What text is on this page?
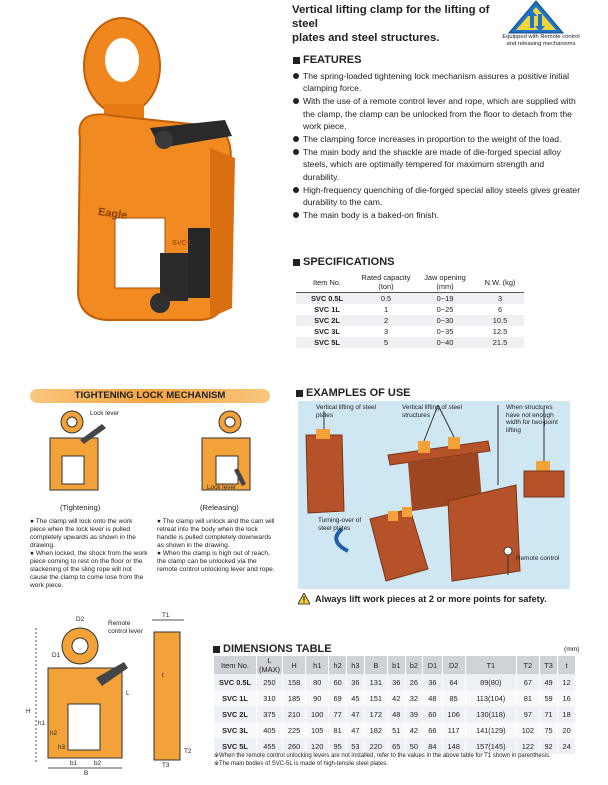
Eagle
SVC-L
Vertical lifting clamp for the lifting of steel
plates and steel structures.	Equipped with Remote control
and releasing mechanisms
FEATURES
The spring-loaded tightening lock mechanism assures a positive initial clamping force.
With the use of a remote control lever and rope, which are supplied with the clamp, the clamp can be unlocked from the floor to detach from the work piece.
The clamping force increases in proportion to the weight of the load.
The main body and the shackle are made of die-forged special alloy steels, which are optimally tempered for maximum strength and durability.
High-frequency quenching of die-forged special alloy steels gives greater durability to the cam.
The main body is a baked-on finish.
SPECIFICATIONS
Item No.	Rated capacity (ton)	Jaw opening (mm)	N.W. (kg)
SVC 0.5L	0.5	0~19	3
SVC 1L	1	0~25	6
SVC 2L	2	0~30	10.5
SVC 3L	3	0~35	12.5
SVC 5L	5	0~40	21.5
TIGHTENING LOCK MECHANISM
Lock lever
Lock lever
(Tightening)	(Releasing)
● The clamp will lock onto the work piece when the lock lever is pulled completely upwards as shown in the drawing.
● When locked, the shock from the work piece coming to rest on the floor or the slackening of the sling rope will not cause the clamp to come lose from the work piece.
● The clamp will unlock and the cam will retreat into the body when the lock handle is pulled completely downwards as shown in the drawing.
● When the clamp is high out of reach, the clamp can be unlocked via the remote control unlocking lever and rope.
EXAMPLES OF USE
Vertical lifting of steel plates
Vertical lifting of steel structures
When structures have not enough width for two-point lifting
Turning-over of steel plates
Remote control
Always lift work pieces at 2 or more points for safety.
Remote control lever
D2
T1
L
H
h1
h2
h3
b1	b2
B
T2
T3
D1
t
DIMENSIONS TABLE	(mm)
Item No.	L (MAX)	H	h1	h2	h3	B	b1	b2	D1	D2	T1	T2	T3	t
SVC 0.5L	250	158	80	60	36	131	36	26	36	64	89(80)	67	49	12
SVC 1L	310	185	90	69	45	151	42	32	48	85	113(104)	81	59	16
SVC 2L	375	210	100	77	47	172	48	39	60	106	130(118)	97	71	18
SVC 3L	405	225	105	81	47	182	51	42	66	117	141(129)	102	75	20
SVC 5L	455	260	120	95	53	220	65	50	84	148	157(145)	122	92	24
※When the remote control unlocking levers are not installed, refer to the values in the above table for T1 shown in parenthesis.
※The main bodies of SVC-5L is made of high-tensile steel plates.
